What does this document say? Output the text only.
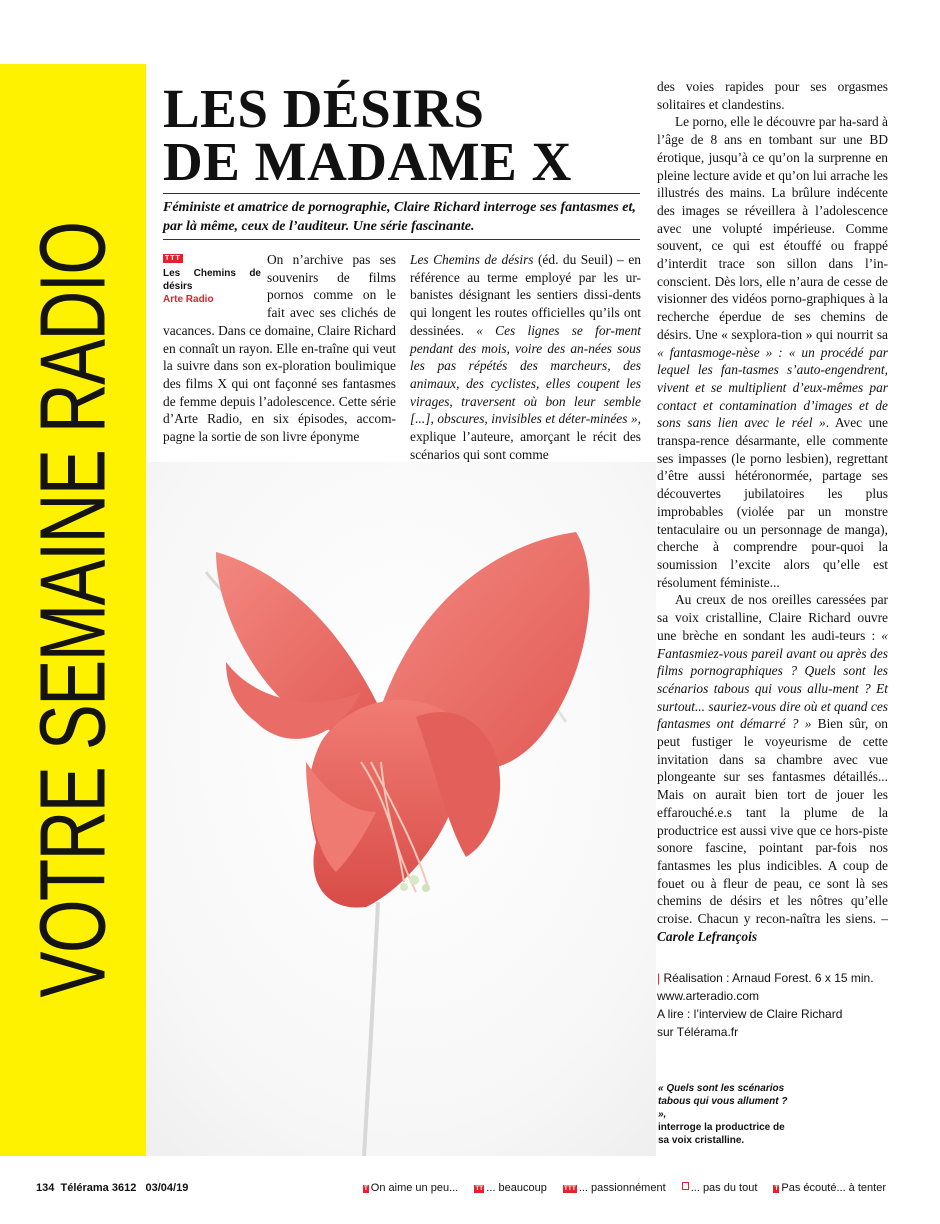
VOTRE SEMAINE RADIO
LES DÉSIRS
DE MADAME X

Féministe et amatrice de pornographie, Claire Richard interroge ses fantasmes et, par là même, ceux de l’auditeur. Une série fascinante.

TTT
Les Chemins de désirs
Arte Radio

On n’archive pas ses souvenirs de films pornos comme on le fait avec ses clichés de vacances. Dans ce domaine, Claire Richard en connaît un rayon. Elle en-traîne qui veut la suivre dans son ex-ploration boulimique des films X qui ont façonné ses fantasmes de femme depuis l’adolescence. Cette série d’Arte Radio, en six épisodes, accom-pagne la sortie de son livre éponyme

Les Chemins de désirs (éd. du Seuil) – en référence au terme employé par les ur-banistes désignant les sentiers dissi-dents qui longent les routes officielles qu’ils ont dessinées. « Ces lignes se for-ment pendant des mois, voire des an-nées sous les pas répétés des marcheurs, des animaux, des cyclistes, elles coupent les virages, traversent où bon leur semble [...], obscures, invisibles et déter-minées », explique l’auteure, amorçant le récit des scénarios qui sont comme

des voies rapides pour ses orgasmes solitaires et clandestins.

Le porno, elle le découvre par ha-sard à l’âge de 8 ans en tombant sur une BD érotique, jusqu’à ce qu’on la surprenne en pleine lecture avide et qu’on lui arrache les illustrés des mains. La brûlure indécente des images se réveillera à l’adolescence avec une volupté impérieuse. Comme souvent, ce qui est étouffé ou frappé d’interdit trace son sillon dans l’in-conscient. Dès lors, elle n’aura de cesse de visionner des vidéos porno-graphiques à la recherche éperdue de ses chemins de désirs. Une « sexplora-tion » qui nourrit sa « fantasmoge-nèse » : « un procédé par lequel les fan-tasmes s’auto-engendrent, vivent et se multiplient d’eux-mêmes par contact et contamination d’images et de sons sans lien avec le réel ». Avec une transpa-rence désarmante, elle commente ses impasses (le porno lesbien), regrettant d’être aussi hétéronormée, partage ses découvertes jubilatoires les plus improbables (violée par un monstre tentaculaire ou un personnage de manga), cherche à comprendre pour-quoi la soumission l’excite alors qu’elle est résolument féministe...

Au creux de nos oreilles caressées par sa voix cristalline, Claire Richard ouvre une brèche en sondant les audi-teurs : « Fantasmiez-vous pareil avant ou après des films pornographiques ? Quels sont les scénarios tabous qui vous allu-ment ? Et surtout... sauriez-vous dire où et quand ces fantasmes ont démarré ? » Bien sûr, on peut fustiger le voyeurisme de cette invitation dans sa chambre avec vue plongeante sur ses fantasmes détaillés... Mais on aurait bien tort de jouer les effarouché.e.s tant la plume de la productrice est aussi vive que ce hors-piste sonore fascine, pointant par-fois nos fantasmes les plus indicibles. A coup de fouet ou à fleur de peau, ce sont là ses chemins de désirs et les nôtres qu’elle croise. Chacun y recon-naîtra les siens. – Carole Lefrançois

| Réalisation : Arnaud Forest. 6 x 15 min.
www.arteradio.com
A lire : l’interview de Claire Richard
sur Télérama.fr
« Quels sont les scénarios tabous qui vous allument ? »,
interroge la productrice de sa voix cristalline.
134 Télérama 3612 03/04/19	T On aime un peu...	TT ... beaucoup	TTT ... passionnément ... pas du tout	T Pas écouté... à tenter
